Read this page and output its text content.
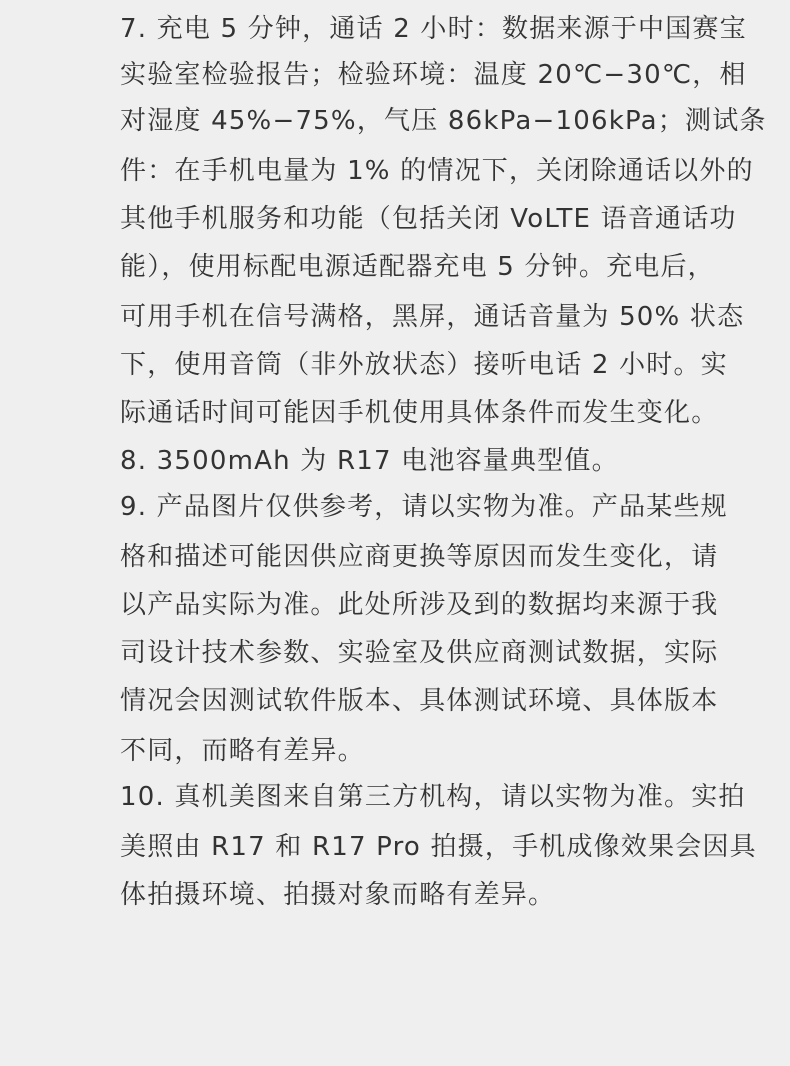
7. 充电 5 分钟，通话 2 小时：数据来源于中国赛宝
实验室检验报告；检验环境：温度 20℃−30℃，相
对湿度 45%−75%，气压 86kPa−106kPa；测试条
件：在手机电量为 1% 的情况下，关闭除通话以外的
其他手机服务和功能（包括关闭 VoLTE 语音通话功
能），使用标配电源适配器充电 5 分钟。充电后，
可用手机在信号满格，黑屏，通话音量为 50% 状态
下，使用音筒（非外放状态）接听电话 2 小时。实
际通话时间可能因手机使用具体条件而发生变化。
8. 3500mAh 为 R17 电池容量典型值。
9. 产品图片仅供参考，请以实物为准。产品某些规
格和描述可能因供应商更换等原因而发生变化，请
以产品实际为准。此处所涉及到的数据均来源于我
司设计技术参数、实验室及供应商测试数据，实际
情况会因测试软件版本、具体测试环境、具体版本
不同，而略有差异。
10. 真机美图来自第三方机构，请以实物为准。实拍
美照由 R17 和 R17 Pro 拍摄，手机成像效果会因具
体拍摄环境、拍摄对象而略有差异。
